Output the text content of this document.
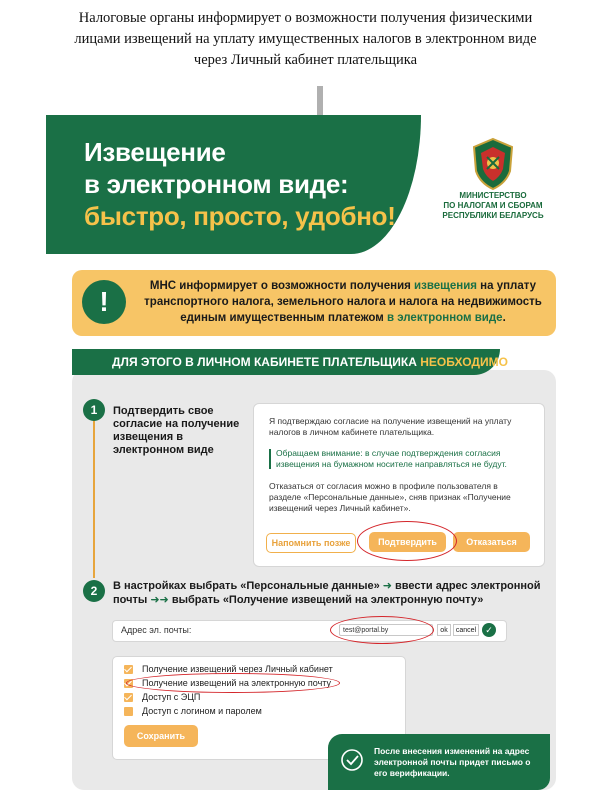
Налоговые органы информирует о возможности получения физическими
лицами извещений на уплату имущественных налогов в электронном виде
через Личный кабинет плательщика
Извещение
в электронном виде:
быстро, просто, удобно!
МИНИСТЕРСТВО
ПО НАЛОГАМ И СБОРАМ
РЕСПУБЛИКИ БЕЛАРУСЬ
!	МНС информирует о возможности получения извещения на уплату транспортного налога, земельного налога и налога на недвижимость единым имущественным платежом в электронном виде.
ДЛЯ ЭТОГО В ЛИЧНОМ КАБИНЕТЕ ПЛАТЕЛЬЩИКА НЕОБХОДИМО:
1	Подтвердить свое согласие на получение извещения в электронном виде
Я подтверждаю согласие на получение извещений на уплату налогов в личном кабинете плательщика.
Обращаем внимание: в случае подтверждения согласия извещения на бумажном носителе направляться не будут.
Отказаться от согласия можно в профиле пользователя в разделе «Персональные данные», сняв признак «Получение извещений через Личный кабинет».
Напомнить позже	Подтвердить	Отказаться
2	В настройках выбрать «Персональные данные» ➜ ввести адрес электронной почты ➜➜ выбрать «Получение извещений на электронную почту»
Адрес эл. почты:	test@portal.by	ok	cancel	✓
Получение извещений через Личный кабинет
Получение извещений на электронную почту
Доступ с ЭЦП
Доступ с логином и паролем
Сохранить
После внесения изменений на адрес электронной почты придет письмо о его верификации.
